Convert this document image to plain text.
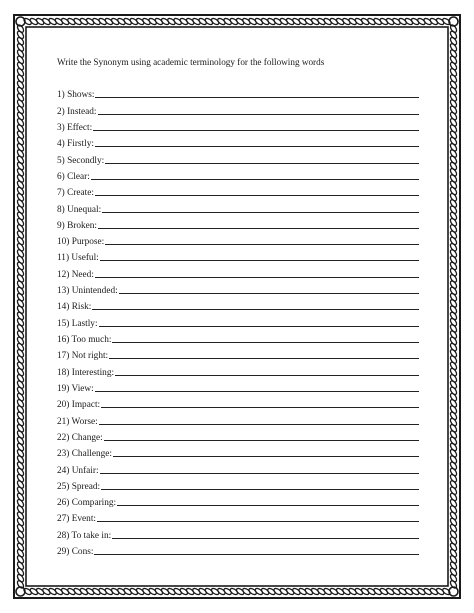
Write the Synonym using academic terminology for the following words
1) Shows:
2) Instead:
3) Effect:
4) Firstly:
5) Secondly:
6) Clear:
7) Create:
8) Unequal:
9) Broken:
10) Purpose:
11) Useful:
12) Need:
13) Unintended:
14) Risk:
15) Lastly:
16) Too much:
17) Not right:
18) Interesting:
19) View:
20) Impact:
21) Worse:
22) Change:
23) Challenge:
24) Unfair:
25) Spread:
26) Comparing:
27) Event:
28) To take in:
29) Cons:
